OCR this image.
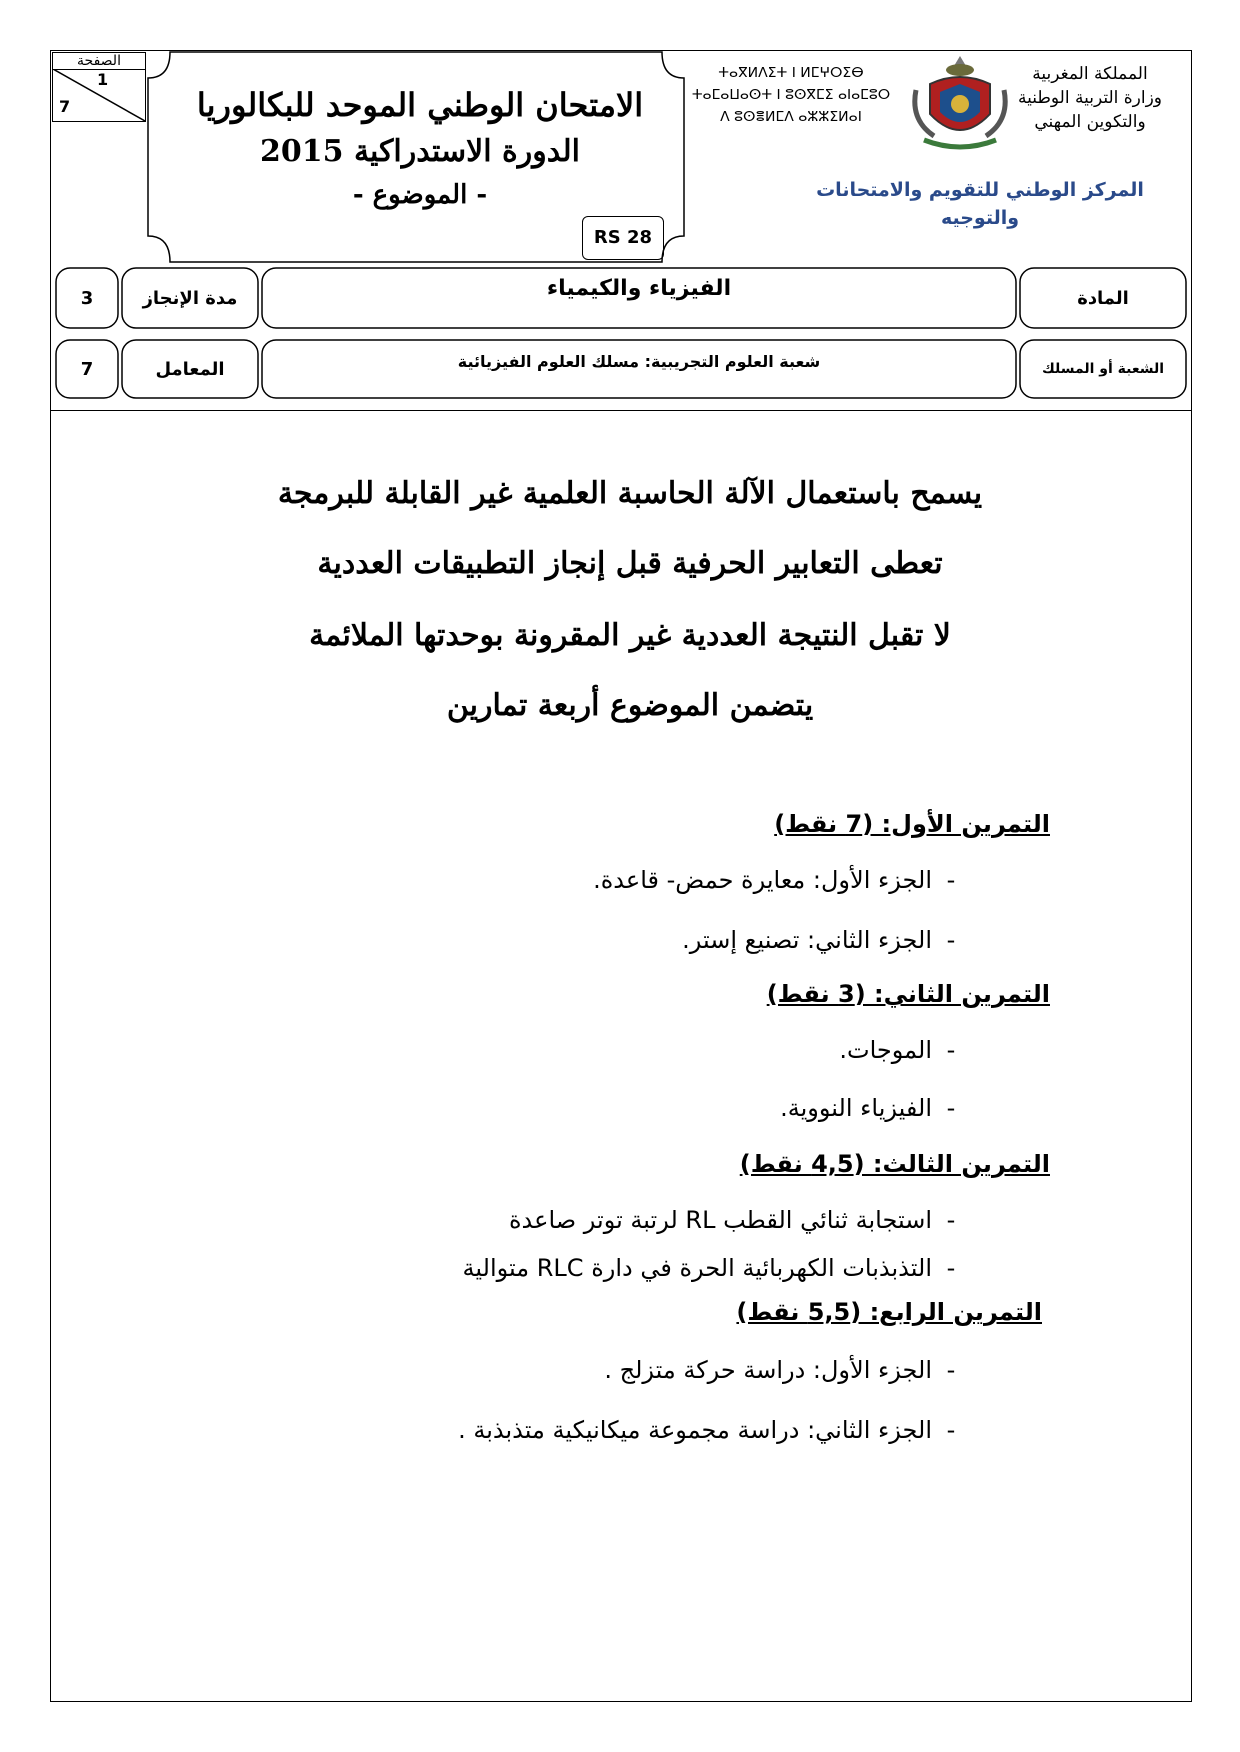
الصفحة
1
7	الامتحان الوطني الموحد للبكالوريا
الدورة الاستدراكية 2015
- الموضوع -
RS 28
ⵜⴰⴳⵍⴷⵉⵜ ⵏ ⵍⵎⵖⵔⵉⴱ
ⵜⴰⵎⴰⵡⴰⵙⵜ ⵏ ⵓⵙⴳⵎⵉ ⴰⵏⴰⵎⵓⵔ
ⴷ ⵓⵙⴻⵍⵎⴷ ⴰⵣⵣⵉⵍⴰⵏ
المملكة المغربية
وزارة التربية الوطنية
والتكوين المهني
المركز الوطني للتقويم والامتحانات
والتوجيه
3	مدة الإنجاز	الفيزياء والكيمياء	المادة
7	المعامل	شعبة العلوم التجريبية: مسلك العلوم الفيزيائية	الشعبة أو المسلك
يسمح باستعمال الآلة الحاسبة العلمية غير القابلة للبرمجة
تعطى التعابير الحرفية قبل إنجاز التطبيقات العددية
لا تقبل النتيجة العددية غير المقرونة بوحدتها الملائمة
يتضمن الموضوع أربعة تمارين
التمرين الأول: (7 نقط)
-الجزء الأول: معايرة حمض- قاعدة.
-الجزء الثاني: تصنيع إستر.
التمرين الثاني: (3 نقط)
-الموجات.
-الفيزياء النووية.
التمرين الثالث: (4,5 نقط)
-استجابة ثنائي القطب RL لرتبة توتر صاعدة
-التذبذبات الكهربائية الحرة في دارة RLC متوالية
التمرين الرابع: (5,5 نقط)
-الجزء الأول: دراسة حركة متزلج .
-الجزء الثاني: دراسة مجموعة ميكانيكية متذبذبة .
